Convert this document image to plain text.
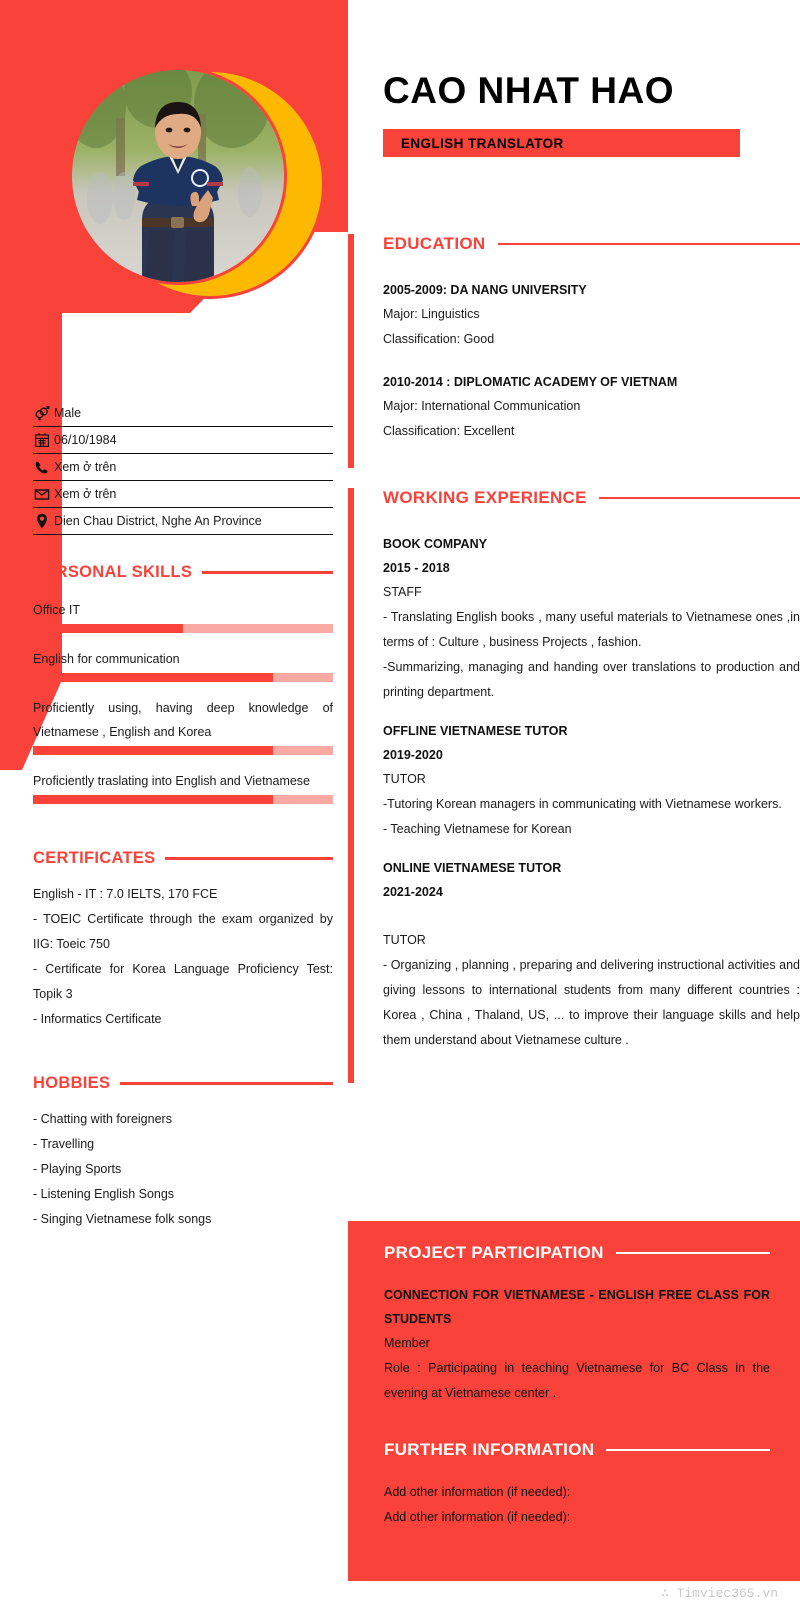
CAO NHAT HAO
ENGLISH TRANSLATOR
Male
06/10/1984
Xem ở trên
Xem ở trên
Dien Chau District, Nghe An Province
PERSONAL SKILLS
Office IT
English for communication
Proficiently using, having deep knowledge of Vietnamese , English and Korea
Proficiently traslating into English and Vietnamese
CERTIFICATES
English - IT : 7.0 IELTS, 170 FCE
- TOEIC Certificate through the exam organized by IIG: Toeic 750
- Certificate for Korea Language Proficiency Test: Topik 3
- Informatics Certificate
HOBBIES
- Chatting with foreigners
- Travelling
- Playing Sports
- Listening English Songs
- Singing Vietnamese folk songs
EDUCATION
2005-2009: DA NANG UNIVERSITY
Major: Linguistics
Classification: Good
2010-2014 : DIPLOMATIC ACADEMY OF VIETNAM
Major: International Communication
Classification: Excellent
WORKING EXPERIENCE
BOOK COMPANY
2015 - 2018
STAFF
- Translating English books , many useful materials to Vietnamese ones ,in terms of : Culture , business Projects , fashion.
-Summarizing, managing and handing over translations to production and printing department.
OFFLINE VIETNAMESE TUTOR
2019-2020
TUTOR
-Tutoring Korean managers in communicating with Vietnamese workers.
- Teaching Vietnamese for Korean
ONLINE VIETNAMESE TUTOR
2021-2024
TUTOR
- Organizing , planning , preparing and delivering instructional activities and giving lessons to international students from many different countries : Korea , China , Thaland, US, ... to improve their language skills and help them understand about Vietnamese culture .
PROJECT PARTICIPATION
CONNECTION FOR VIETNAMESE - ENGLISH FREE CLASS FOR STUDENTS
Member
Role : Participating in teaching Vietnamese for BC Class in the evening at Vietnamese center .
FURTHER INFORMATION
Add other information (if needed):
Add other information (if needed):
∴ Timviec365.vn
